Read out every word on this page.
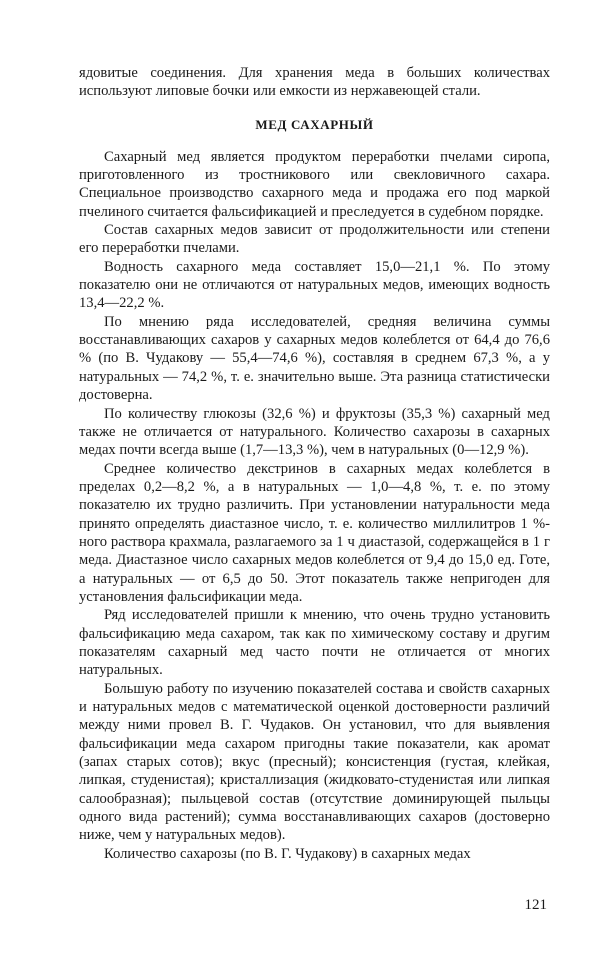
ядовитые соединения. Для хранения меда в больших количествах используют липовые бочки или емкости из нержавеющей стали.

МЕД САХАРНЫЙ

Сахарный мед является продуктом переработки пчелами сиропа, приготовленного из тростникового или свекловичного сахара. Специальное производство сахарного меда и продажа его под маркой пчелиного считается фальсификацией и преследуется в судебном порядке.

Состав сахарных медов зависит от продолжительности или степени его переработки пчелами.

Водность сахарного меда составляет 15,0—21,1 %. По этому показателю они не отличаются от натуральных медов, имеющих водность 13,4—22,2 %.

По мнению ряда исследователей, средняя величина суммы восстанавливающих сахаров у сахарных медов колеблется от 64,4 до 76,6 % (по В. Чудакову — 55,4—74,6 %), составляя в среднем 67,3 %, а у натуральных — 74,2 %, т. е. значительно выше. Эта разница статистически достоверна.

По количеству глюкозы (32,6 %) и фруктозы (35,3 %) сахарный мед также не отличается от натурального. Количество сахарозы в сахарных медах почти всегда выше (1,7—13,3 %), чем в натуральных (0—12,9 %).

Среднее количество декстринов в сахарных медах колеблется в пределах 0,2—8,2 %, а в натуральных — 1,0—4,8 %, т. е. по этому показателю их трудно различить. При установлении натуральности меда принято определять диастазное число, т. е. количество миллилитров 1 %-ного раствора крахмала, разлагаемого за 1 ч диастазой, содержащейся в 1 г меда. Диастазное число сахарных медов колеблется от 9,4 до 15,0 ед. Готе, а натуральных — от 6,5 до 50. Этот показатель также непригоден для установления фальсификации меда.

Ряд исследователей пришли к мнению, что очень трудно установить фальсификацию меда сахаром, так как по химическому составу и другим показателям сахарный мед часто почти не отличается от многих натуральных.

Большую работу по изучению показателей состава и свойств сахарных и натуральных медов с математической оценкой достоверности различий между ними провел В. Г. Чудаков. Он установил, что для выявления фальсификации меда сахаром пригодны такие показатели, как аромат (запах старых сотов); вкус (пресный); консистенция (густая, клейкая, липкая, студенистая); кристаллизация (жидковато-студенистая или липкая салообразная); пыльцевой состав (отсутствие доминирующей пыльцы одного вида растений); сумма восстанавливающих сахаров (достоверно ниже, чем у натуральных медов).

Количество сахарозы (по В. Г. Чудакову) в сахарных медах

121
